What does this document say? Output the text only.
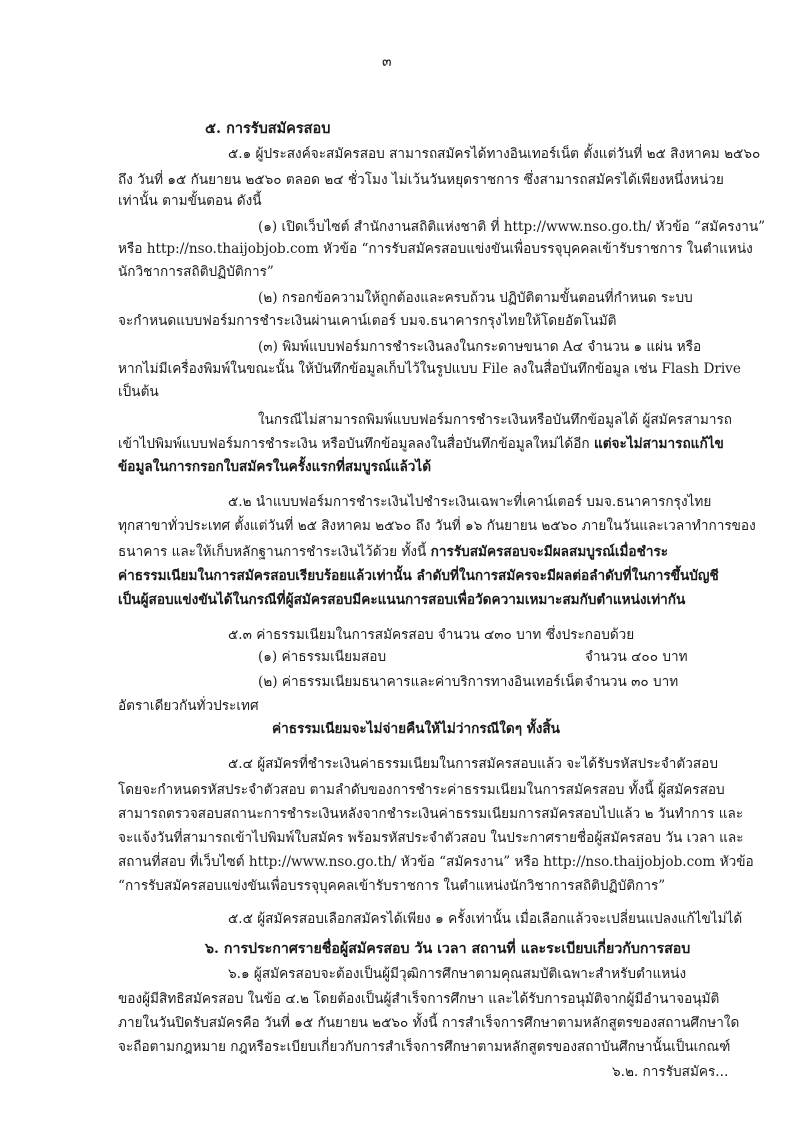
๓
๕. การรับสมัครสอบ
๕.๑ ผู้ประสงค์จะสมัครสอบ สามารถสมัครได้ทางอินเทอร์เน็ต ตั้งแต่วันที่ ๒๕ สิงหาคม ๒๕๖๐
ถึง วันที่ ๑๕ กันยายน ๒๕๖๐ ตลอด ๒๔ ชั่วโมง ไม่เว้นวันหยุดราชการ ซึ่งสามารถสมัครได้เพียงหนึ่งหน่วย
เท่านั้น ตามขั้นตอน ดังนี้
(๑) เปิดเว็บไซต์ สำนักงานสถิติแห่งชาติ ที่ http://www.nso.go.th/ หัวข้อ “สมัครงาน”
หรือ http://nso.thaijobjob.com หัวข้อ “การรับสมัครสอบแข่งขันเพื่อบรรจุบุคคลเข้ารับราชการ ในตำแหน่ง
นักวิชาการสถิติปฏิบัติการ”
(๒) กรอกข้อความให้ถูกต้องและครบถ้วน ปฏิบัติตามขั้นตอนที่กำหนด ระบบ
จะกำหนดแบบฟอร์มการชำระเงินผ่านเคาน์เตอร์ บมจ.ธนาคารกรุงไทยให้โดยอัตโนมัติ
(๓) พิมพ์แบบฟอร์มการชำระเงินลงในกระดาษขนาด A๔ จำนวน ๑ แผ่น หรือ
หากไม่มีเครื่องพิมพ์ในขณะนั้น ให้บันทึกข้อมูลเก็บไว้ในรูปแบบ File ลงในสื่อบันทึกข้อมูล เช่น Flash Drive
เป็นต้น
ในกรณีไม่สามารถพิมพ์แบบฟอร์มการชำระเงินหรือบันทึกข้อมูลได้ ผู้สมัครสามารถ
เข้าไปพิมพ์แบบฟอร์มการชำระเงิน หรือบันทึกข้อมูลลงในสื่อบันทึกข้อมูลใหม่ได้อีก แต่จะไม่สามารถแก้ไข
ข้อมูลในการกรอกใบสมัครในครั้งแรกที่สมบูรณ์แล้วได้
๕.๒ นำแบบฟอร์มการชำระเงินไปชำระเงินเฉพาะที่เคาน์เตอร์ บมจ.ธนาคารกรุงไทย
ทุกสาขาทั่วประเทศ ตั้งแต่วันที่ ๒๕ สิงหาคม ๒๕๖๐ ถึง วันที่ ๑๖ กันยายน ๒๕๖๐ ภายในวันและเวลาทำการของ
ธนาคาร และให้เก็บหลักฐานการชำระเงินไว้ด้วย ทั้งนี้ การรับสมัครสอบจะมีผลสมบูรณ์เมื่อชำระ
ค่าธรรมเนียมในการสมัครสอบเรียบร้อยแล้วเท่านั้น ลำดับที่ในการสมัครจะมีผลต่อลำดับที่ในการขึ้นบัญชี
เป็นผู้สอบแข่งขันได้ในกรณีที่ผู้สมัครสอบมีคะแนนการสอบเพื่อวัดความเหมาะสมกับตำแหน่งเท่ากัน
๕.๓ ค่าธรรมเนียมในการสมัครสอบ จำนวน ๔๓๐ บาท ซึ่งประกอบด้วย
(๑) ค่าธรรมเนียมสอบ	จำนวน ๔๐๐ บาท
(๒) ค่าธรรมเนียมธนาคารและค่าบริการทางอินเทอร์เน็ต จำนวน ๓๐ บาท
อัตราเดียวกันทั่วประเทศ
ค่าธรรมเนียมจะไม่จ่ายคืนให้ไม่ว่ากรณีใดๆ ทั้งสิ้น
๕.๔ ผู้สมัครที่ชำระเงินค่าธรรมเนียมในการสมัครสอบแล้ว จะได้รับรหัสประจำตัวสอบ
โดยจะกำหนดรหัสประจำตัวสอบ ตามลำดับของการชำระค่าธรรมเนียมในการสมัครสอบ ทั้งนี้ ผู้สมัครสอบ
สามารถตรวจสอบสถานะการชำระเงินหลังจากชำระเงินค่าธรรมเนียมการสมัครสอบไปแล้ว ๒ วันทำการ และ
จะแจ้งวันที่สามารถเข้าไปพิมพ์ใบสมัคร พร้อมรหัสประจำตัวสอบ ในประกาศรายชื่อผู้สมัครสอบ วัน เวลา และ
สถานที่สอบ ที่เว็บไซต์ http://www.nso.go.th/ หัวข้อ “สมัครงาน” หรือ http://nso.thaijobjob.com หัวข้อ
“การรับสมัครสอบแข่งขันเพื่อบรรจุบุคคลเข้ารับราชการ ในตำแหน่งนักวิชาการสถิติปฏิบัติการ”
๕.๕ ผู้สมัครสอบเลือกสมัครได้เพียง ๑ ครั้งเท่านั้น เมื่อเลือกแล้วจะเปลี่ยนแปลงแก้ไขไม่ได้
๖. การประกาศรายชื่อผู้สมัครสอบ วัน เวลา สถานที่ และระเบียบเกี่ยวกับการสอบ
๖.๑ ผู้สมัครสอบจะต้องเป็นผู้มีวุฒิการศึกษาตามคุณสมบัติเฉพาะสำหรับตำแหน่ง
ของผู้มีสิทธิสมัครสอบ ในข้อ ๔.๒ โดยต้องเป็นผู้สำเร็จการศึกษา และได้รับการอนุมัติจากผู้มีอำนาจอนุมัติ
ภายในวันปิดรับสมัครคือ วันที่ ๑๕ กันยายน ๒๕๖๐ ทั้งนี้ การสำเร็จการศึกษาตามหลักสูตรของสถานศึกษาใด
จะถือตามกฎหมาย กฎหรือระเบียบเกี่ยวกับการสำเร็จการศึกษาตามหลักสูตรของสถาบันศึกษานั้นเป็นเกณฑ์
๖.๒. การรับสมัคร...
